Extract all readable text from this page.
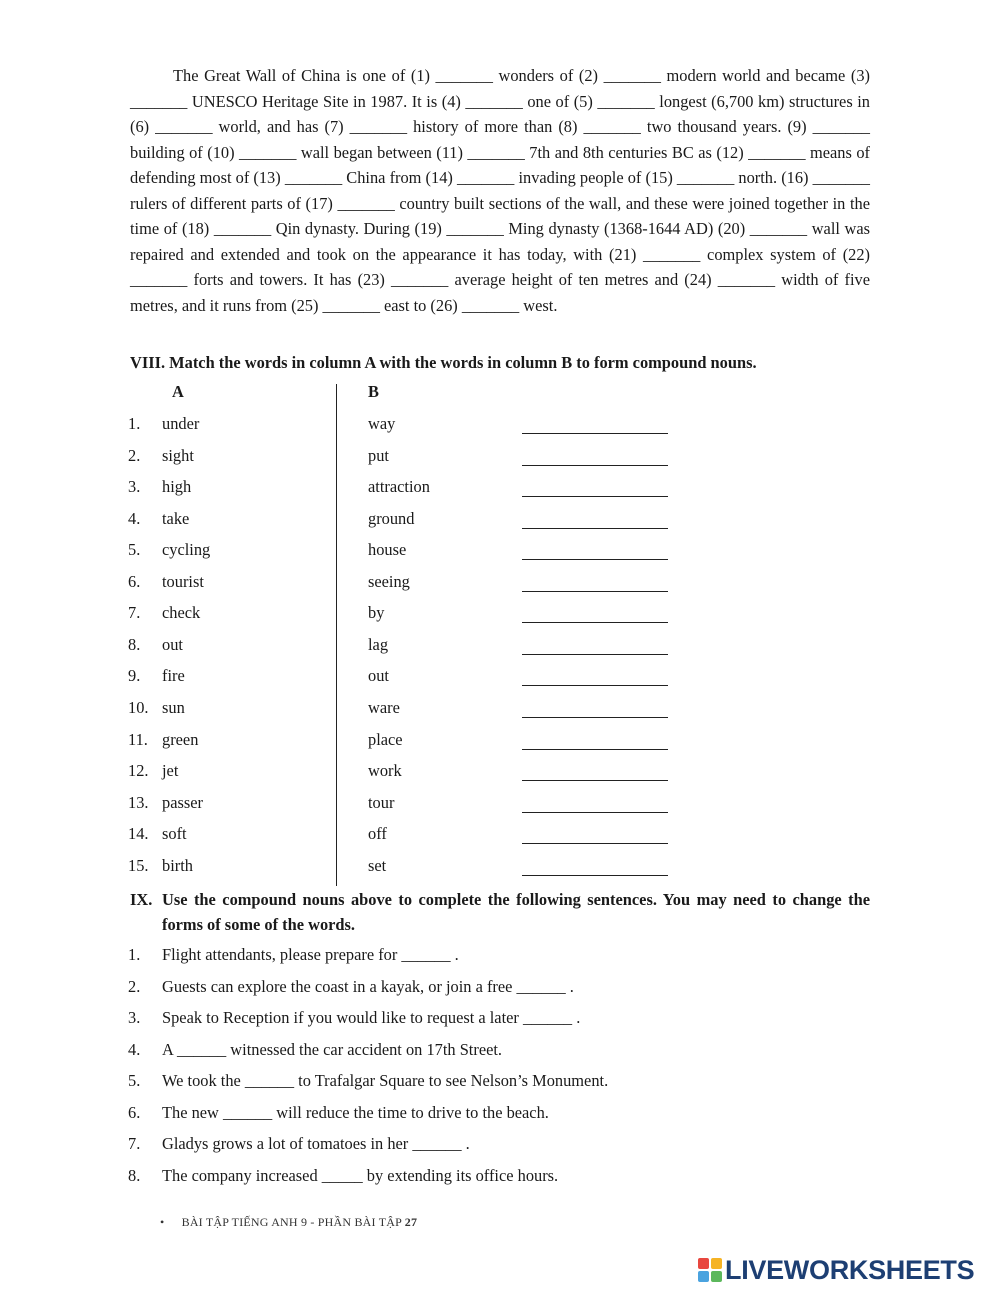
The Great Wall of China is one of (1) _______ wonders of (2) _______ modern world and became (3) _______ UNESCO Heritage Site in 1987. It is (4) _______ one of (5) _______ longest (6,700 km) structures in (6) _______ world, and has (7) _______ history of more than (8) _______ two thousand years. (9) _______ building of (10) _______ wall began between (11) _______ 7th and 8th centuries BC as (12) _______ means of defending most of (13) _______ China from (14) _______ invading people of (15) _______ north. (16) _______ rulers of different parts of (17) _______ country built sections of the wall, and these were joined together in the time of (18) _______ Qin dynasty. During (19) _______ Ming dynasty (1368-1644 AD) (20) _______ wall was repaired and extended and took on the appearance it has today, with (21) _______ complex system of (22) _______ forts and towers. It has (23) _______ average height of ten metres and (24) _______ width of five metres, and it runs from (25) _______ east to (26) _______ west.

VIII. Match the words in column A with the words in column B to form compound nouns.

A	B
1. under	way
2. sight	put
3. high	attraction
4. take	ground
5. cycling	house
6. tourist	seeing
7. check	by
8. out	lag
9. fire	out
10. sun	ware
11. green	place
12. jet	work
13. passer	tour
14. soft	off
15. birth	set
IX. Use the compound nouns above to complete the following sentences. You may need to change the forms of some of the words.
1. Flight attendants, please prepare for ______ .
2. Guests can explore the coast in a kayak, or join a free ______ .
3. Speak to Reception if you would like to request a later ______ .
4. A ______ witnessed the car accident on 17th Street.
5. We took the ______ to Trafalgar Square to see Nelson’s Monument.
6. The new ______ will reduce the time to drive to the beach.
7. Gladys grows a lot of tomatoes in her ______ .
8. The company increased _____ by extending its office hours.
• BÀI TẬP TIẾNG ANH 9 - PHẦN BÀI TẬP 27
LIVEWORKSHEETS
